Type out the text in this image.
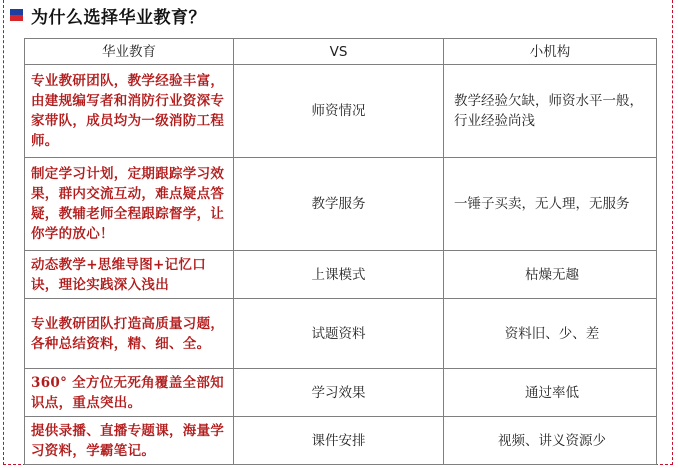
为什么选择华业教育？
华业教育	VS	小机构
专业教研团队，教学经验丰富，由建规编写者和消防行业资深专家带队，成员均为一级消防工程师。	师资情况	教学经验欠缺，师资水平一般，行业经验尚浅
制定学习计划，定期跟踪学习效果，群内交流互动，难点疑点答疑，教辅老师全程跟踪督学，让你学的放心！	教学服务	一锤子买卖，无人理，无服务
动态教学+思维导图+记忆口诀，理论实践深入浅出	上课模式	枯燥无趣
专业教研团队打造高质量习题，各种总结资料，精、细、全。	试题资料	资料旧、少、差
360° 全方位无死角覆盖全部知识点，重点突出。	学习效果	通过率低
提供录播、直播专题课，海量学习资料，学霸笔记。	课件安排	视频、讲义资源少
